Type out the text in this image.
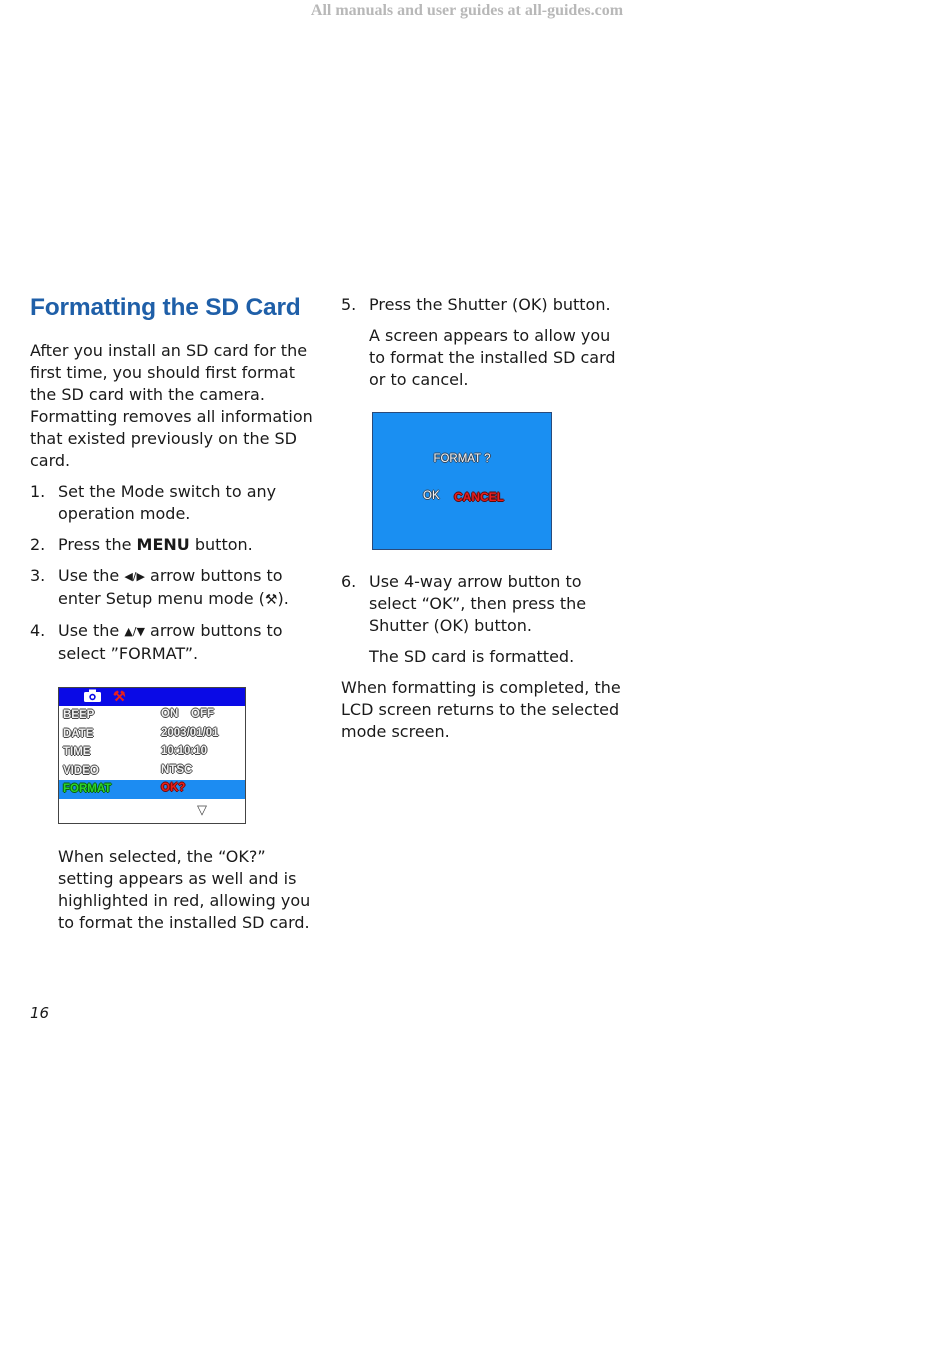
All manuals and user guides at all-guides.com
Formatting the SD Card

After you install an SD card for the first time, you should first format the SD card with the camera. Formatting removes all information that existed previously on the SD card.

1. Set the Mode switch to any operation mode.
2. Press the MENU button.
3. Use the ◀/▶ arrow buttons to enter Setup menu mode (⚒).
4. Use the ▲/▼ arrow buttons to select ”FORMAT”.
⚒
BEEP	ON    OFF
DATE	2003/01/01
TIME	10:10:10
VIDEO	NTSC
FORMAT	OK?
▽

When selected, the “OK?” setting appears as well and is highlighted in red, allowing you to format the installed SD card.

5. Press the Shutter (OK) button.

A screen appears to allow you to format the installed SD card or to cancel.

FORMAT ?
OK CANCEL
6. Use 4-way arrow button to select “OK”, then press the Shutter (OK) button.

The SD card is formatted.

When formatting is completed, the LCD screen returns to the selected mode screen.

16
